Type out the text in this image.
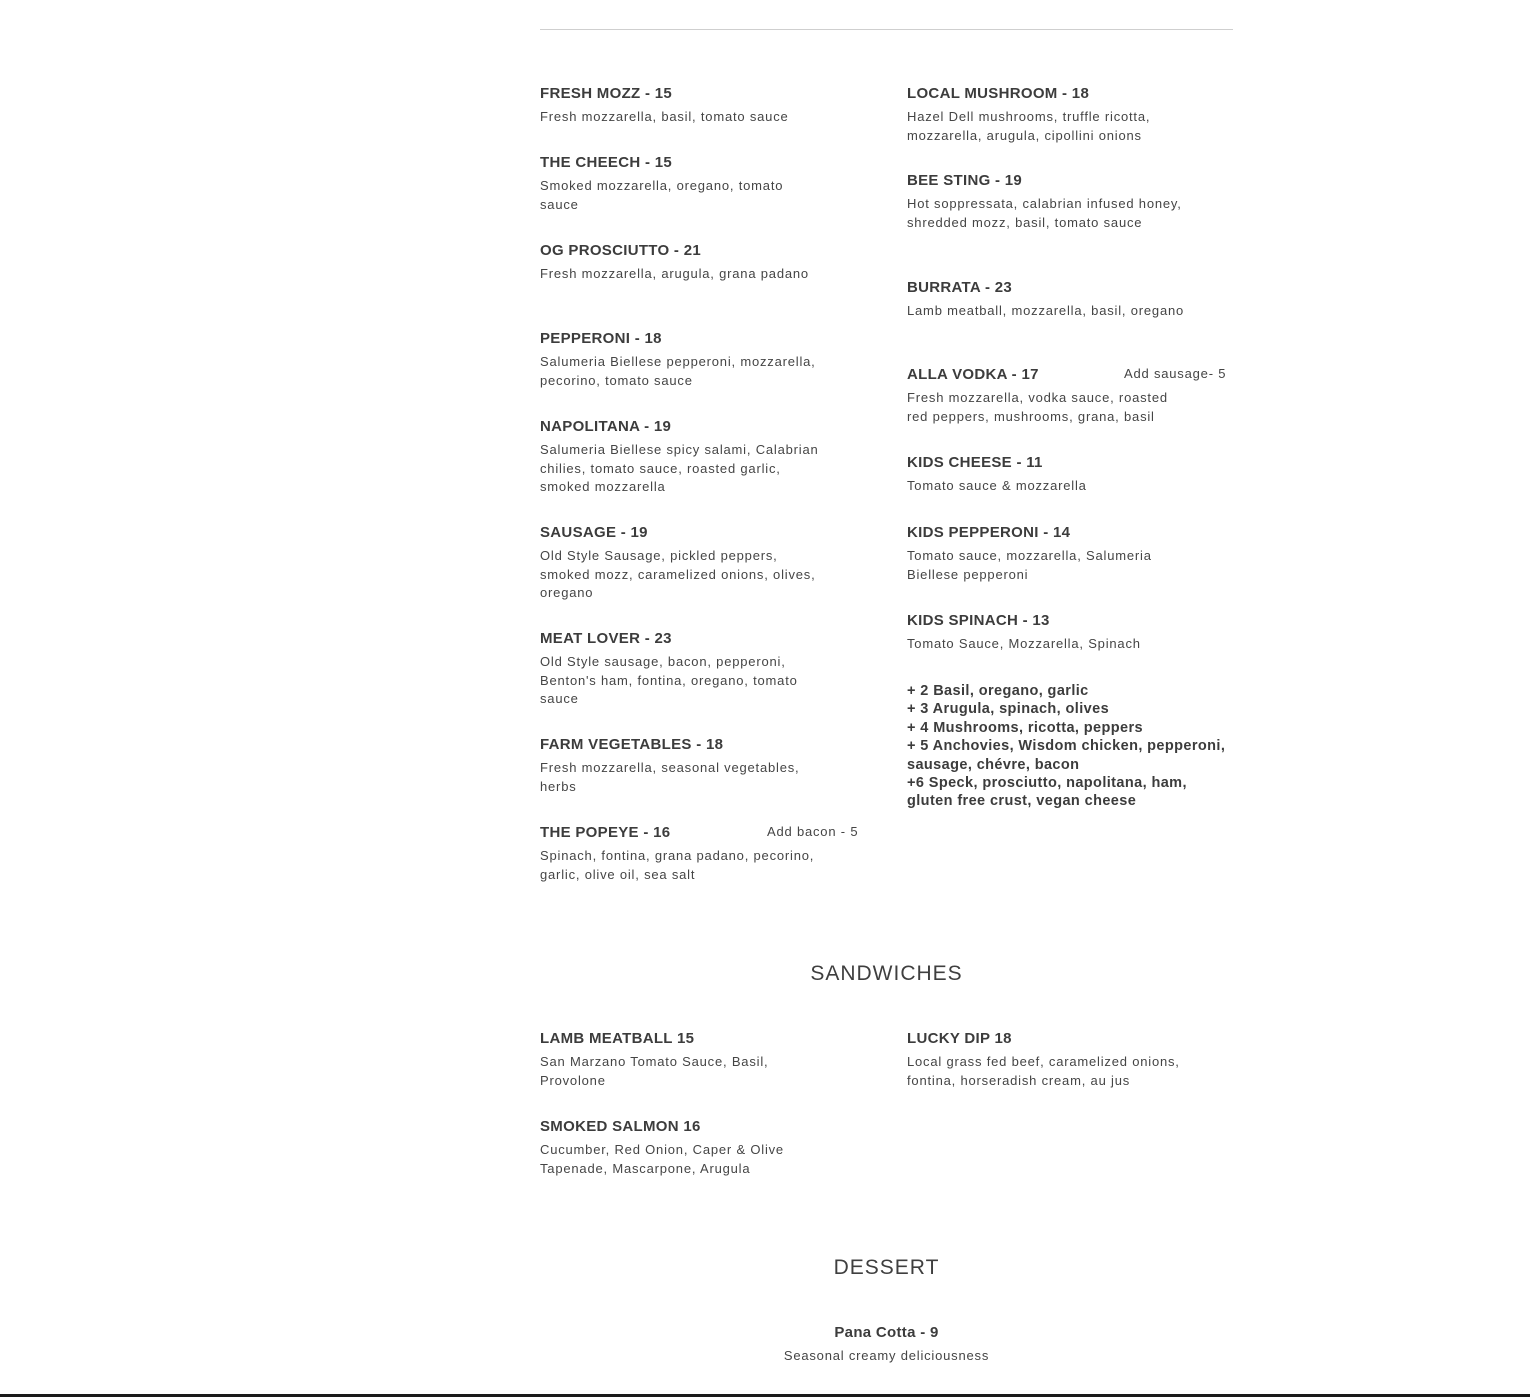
FRESH MOZZ - 15
Fresh mozzarella, basil, tomato sauce
THE CHEECH - 15
Smoked mozzarella, oregano, tomato sauce
OG PROSCIUTTO - 21
Fresh mozzarella, arugula, grana padano
PEPPERONI - 18
Salumeria Biellese pepperoni, mozzarella, pecorino, tomato sauce
NAPOLITANA - 19
Salumeria Biellese spicy salami, Calabrian chilies, tomato sauce, roasted garlic, smoked mozzarella
SAUSAGE - 19
Old Style Sausage, pickled peppers, smoked mozz, caramelized onions, olives, oregano
MEAT LOVER - 23
Old Style sausage, bacon, pepperoni, Benton's ham, fontina, oregano, tomato sauce
FARM VEGETABLES - 18
Fresh mozzarella, seasonal vegetables, herbs
THE POPEYE - 16
Spinach, fontina, grana padano, pecorino, garlic, olive oil, sea salt
Add bacon - 5
LOCAL MUSHROOM - 18
Hazel Dell mushrooms, truffle ricotta, mozzarella, arugula, cipollini onions
BEE STING - 19
Hot soppressata, calabrian infused honey, shredded mozz, basil, tomato sauce
BURRATA - 23
Lamb meatball, mozzarella, basil, oregano
ALLA VODKA - 17
Fresh mozzarella, vodka sauce, roasted red peppers, mushrooms, grana, basil
Add sausage- 5
KIDS CHEESE - 11
Tomato sauce & mozzarella
KIDS PEPPERONI - 14
Tomato sauce, mozzarella, Salumeria Biellese pepperoni
KIDS SPINACH - 13
Tomato Sauce, Mozzarella, Spinach
+ 2 Basil, oregano, garlic
+ 3 Arugula, spinach, olives
+ 4 Mushrooms, ricotta, peppers
+ 5 Anchovies, Wisdom chicken, pepperoni, sausage, chévre, bacon
+6 Speck, prosciutto, napolitana, ham, gluten free crust, vegan cheese
SANDWICHES
LAMB MEATBALL 15
San Marzano Tomato Sauce, Basil, Provolone
SMOKED SALMON 16
Cucumber, Red Onion, Caper & Olive Tapenade, Mascarpone, Arugula
LUCKY DIP 18
Local grass fed beef, caramelized onions, fontina, horseradish cream, au jus
DESSERT
Pana Cotta - 9
Seasonal creamy deliciousness
